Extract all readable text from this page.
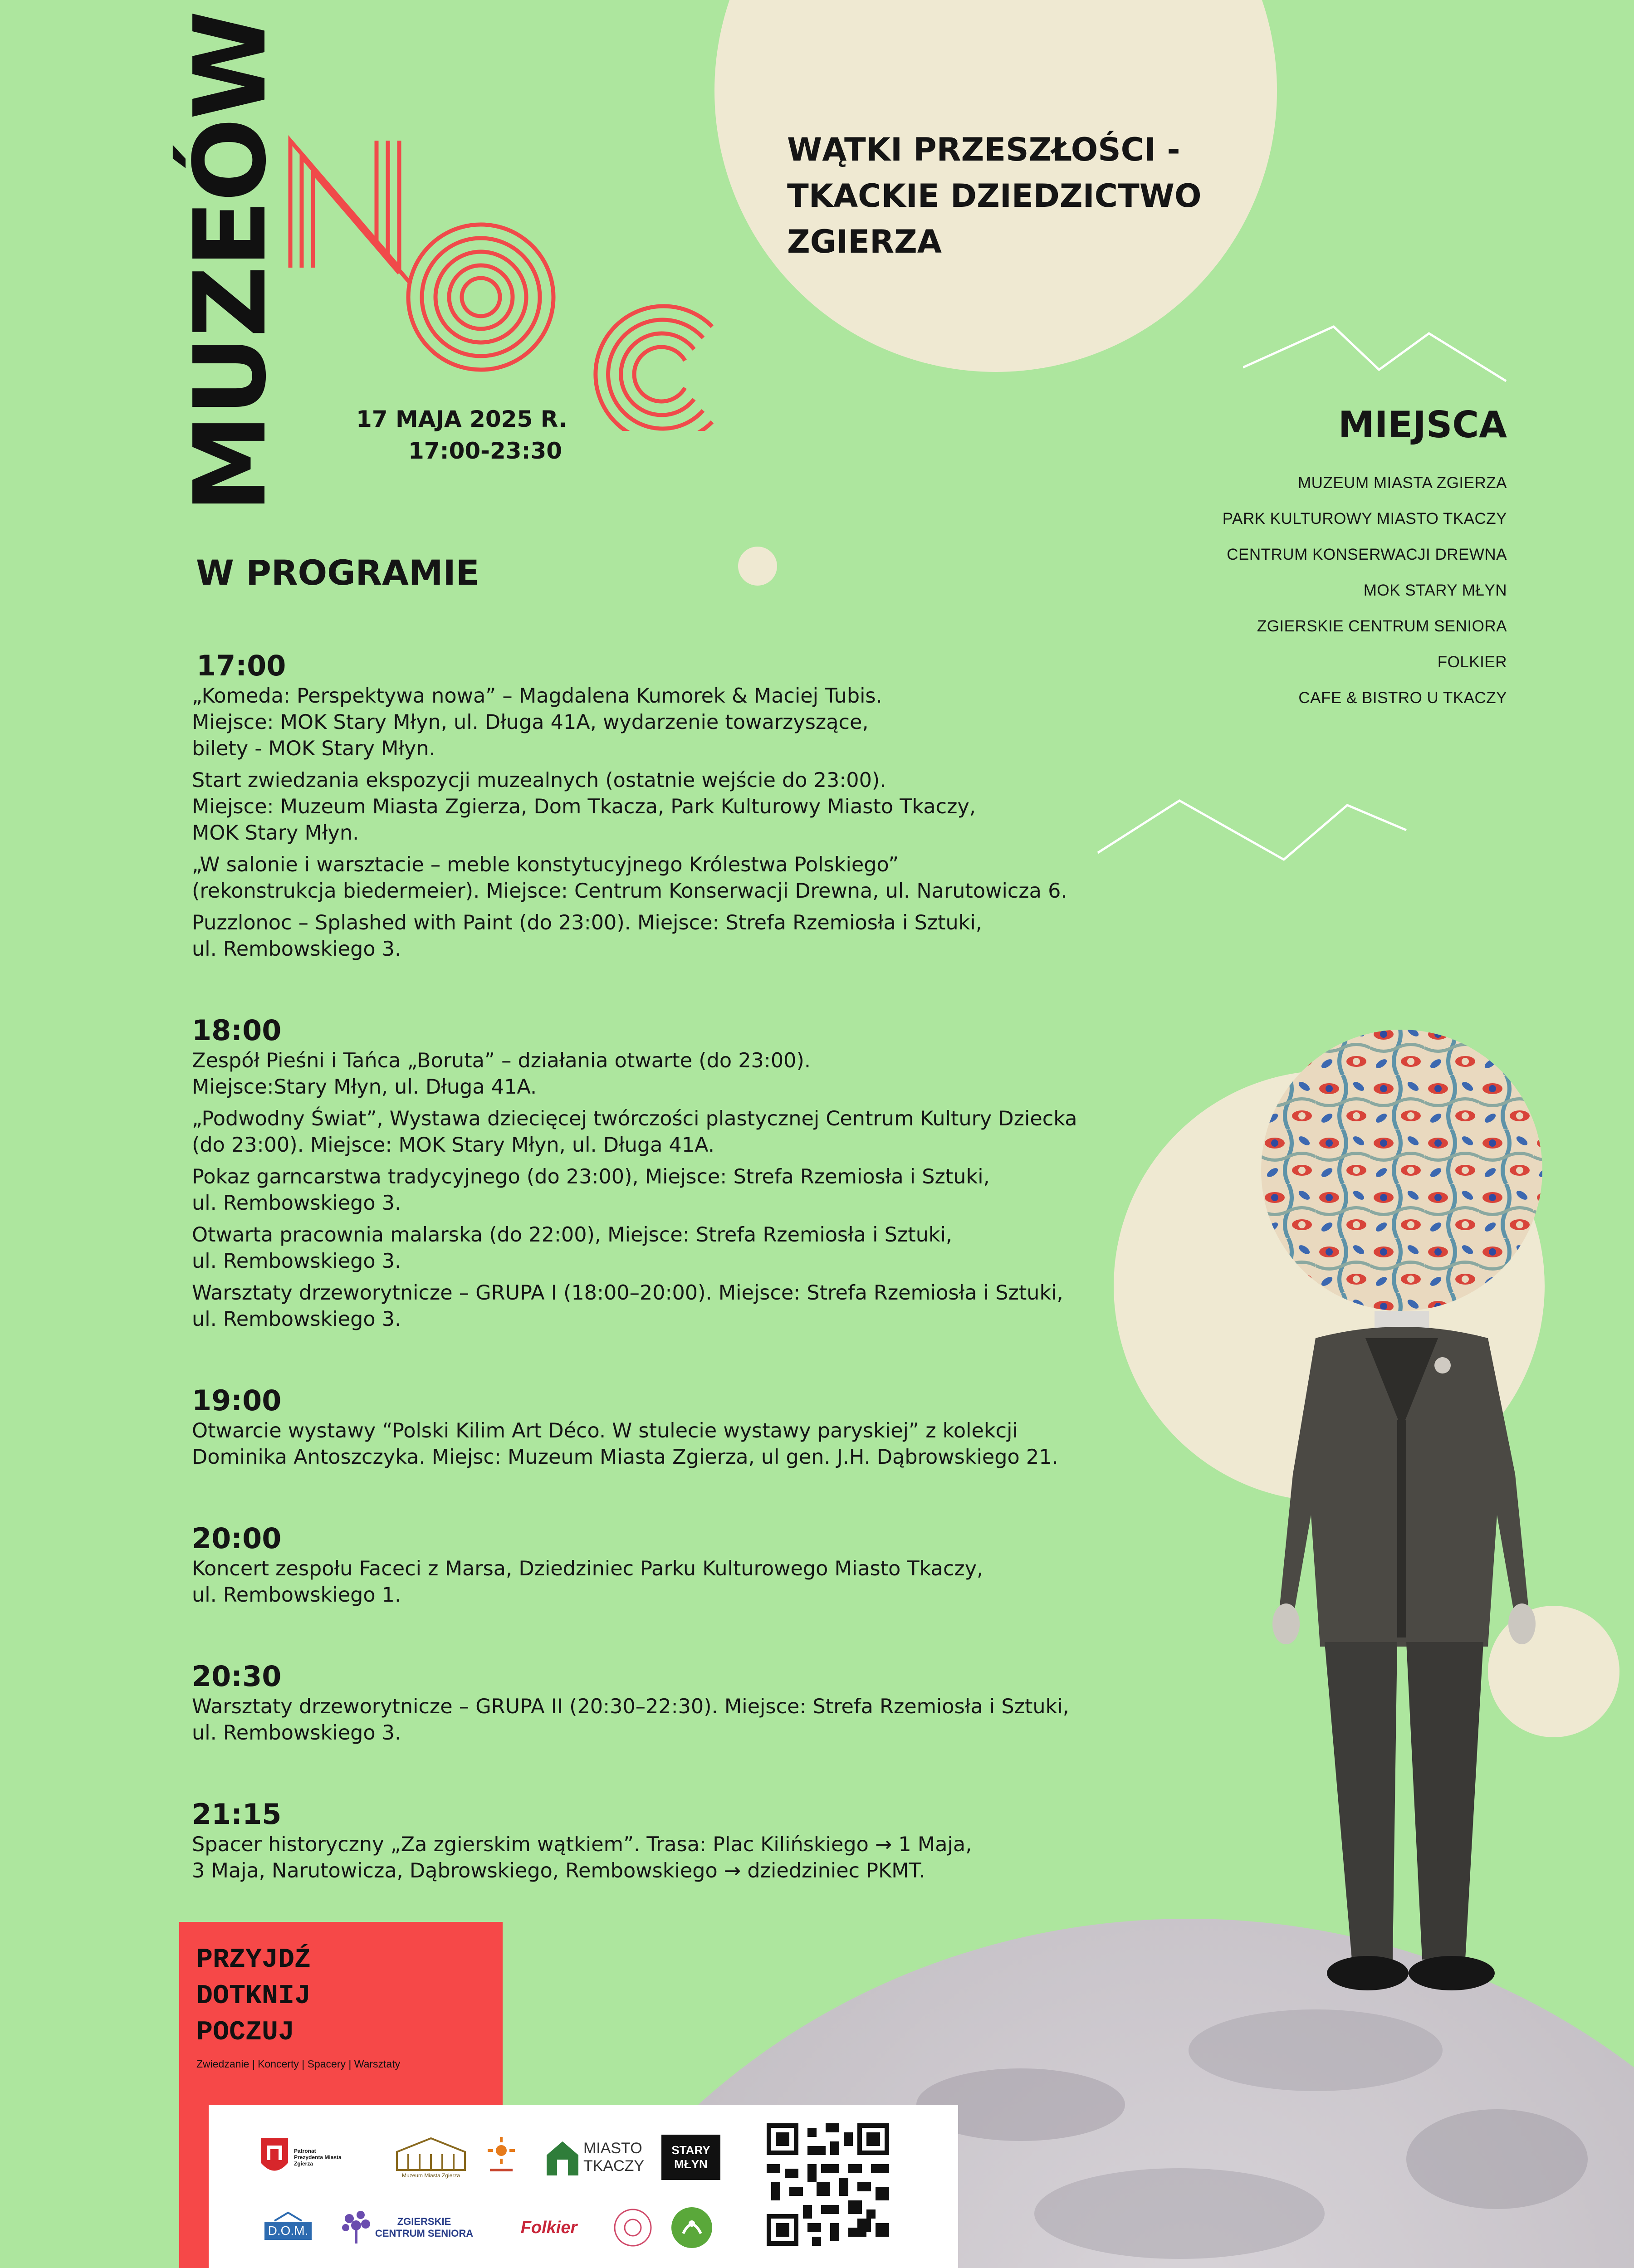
MUZEÓW	17 MAJA 2025 R.
17:00-23:30
WĄTKI PRZESZŁOŚCI -
TKACKIE DZIEDZICTWO
ZGIERZA
MIEJSCA
MUZEUM MIASTA ZGIERZA
PARK KULTUROWY MIASTO TKACZY
CENTRUM KONSERWACJI DREWNA
MOK STARY MŁYN
ZGIERSKIE CENTRUM SENIORA
FOLKIER
CAFE & BISTRO U TKACZY
W PROGRAMIE
17:00
„Komeda: Perspektywa nowa” – Magdalena Kumorek & Maciej Tubis.
Miejsce: MOK Stary Młyn, ul. Długa 41A, wydarzenie towarzyszące,
bilety - MOK Stary Młyn.
Start zwiedzania ekspozycji muzealnych (ostatnie wejście do 23:00).
Miejsce: Muzeum Miasta Zgierza, Dom Tkacza, Park Kulturowy Miasto Tkaczy,
MOK Stary Młyn.
„W salonie i warsztacie – meble konstytucyjnego Królestwa Polskiego”
(rekonstrukcja biedermeier). Miejsce: Centrum Konserwacji Drewna, ul. Narutowicza 6.
Puzzlonoc – Splashed with Paint (do 23:00). Miejsce: Strefa Rzemiosła i Sztuki,
ul. Rembowskiego 3.
18:00
Zespół Pieśni i Tańca „Boruta” – działania otwarte (do 23:00).
Miejsce:Stary Młyn, ul. Długa 41A.
„Podwodny Świat”, Wystawa dziecięcej twórczości plastycznej Centrum Kultury Dziecka
(do 23:00). Miejsce: MOK Stary Młyn, ul. Długa 41A.
Pokaz garncarstwa tradycyjnego (do 23:00), Miejsce: Strefa Rzemiosła i Sztuki,
ul. Rembowskiego 3.
Otwarta pracownia malarska (do 22:00), Miejsce: Strefa Rzemiosła i Sztuki,
ul. Rembowskiego 3.
Warsztaty drzeworytnicze – GRUPA I (18:00–20:00). Miejsce: Strefa Rzemiosła i Sztuki,
ul. Rembowskiego 3.
19:00
Otwarcie wystawy “Polski Kilim Art Déco. W stulecie wystawy paryskiej” z kolekcji
Dominika Antoszczyka. Miejsc: Muzeum Miasta Zgierza, ul gen. J.H. Dąbrowskiego 21.
20:00
Koncert zespołu Faceci z Marsa, Dziedziniec Parku Kulturowego Miasto Tkaczy,
ul. Rembowskiego 1.
20:30
Warsztaty drzeworytnicze – GRUPA II (20:30–22:30). Miejsce: Strefa Rzemiosła i Sztuki,
ul. Rembowskiego 3.
21:15
Spacer historyczny „Za zgierskim wątkiem”. Trasa: Plac Kilińskiego → 1 Maja,
3 Maja, Narutowicza, Dąbrowskiego, Rembowskiego → dziedziniec PKMT.
PRZYJDŹ
DOTKNIJ
POCZUJ
Zwiedzanie | Koncerty | Spacery | Warsztaty
Patronat Prezydenta Miasta Zgierza
Muzeum Miasta Zgierza
MIASTO
TKACZY
STARY
MŁYN
D.O.M.
ZGIERSKIE
CENTRUM SENIORA	Folkier
